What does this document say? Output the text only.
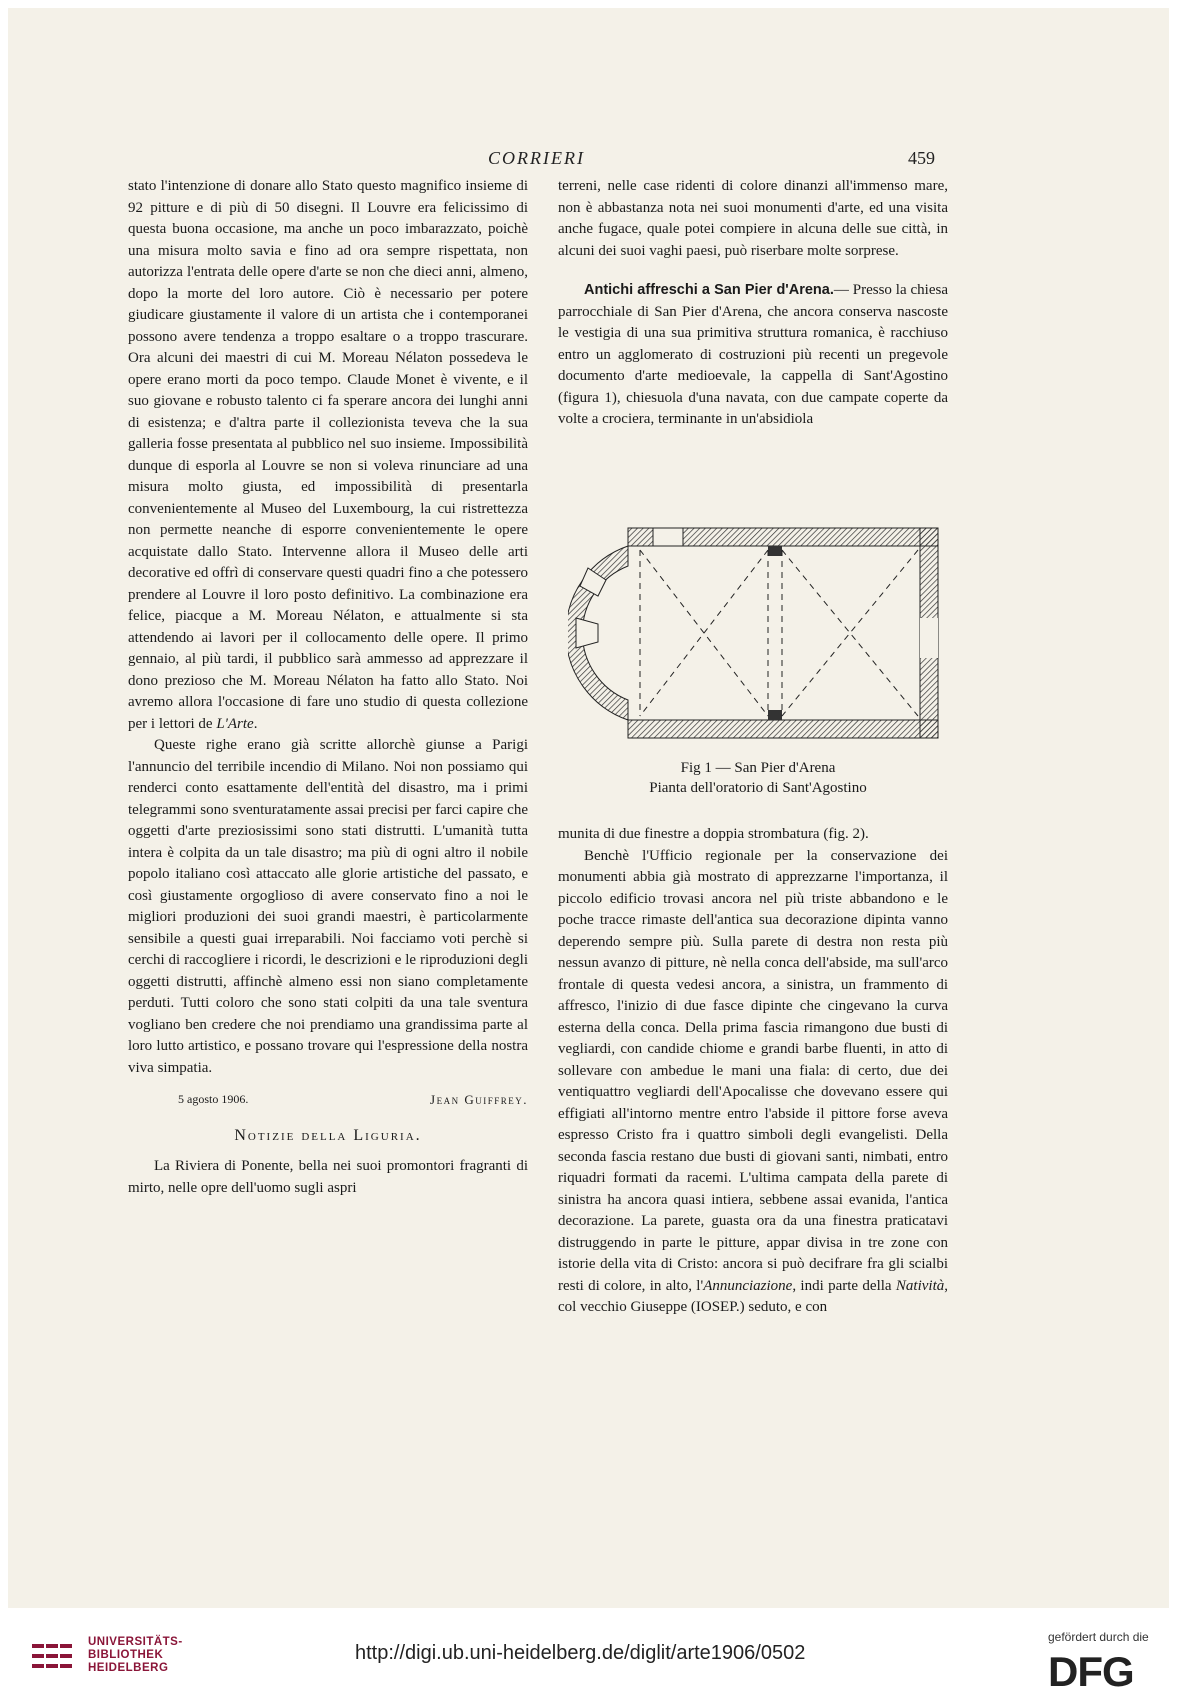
CORRIERI	459

stato l'intenzione di donare allo Stato questo magnifico insieme di 92 pitture e di più di 50 disegni. Il Louvre era felicissimo di questa buona occasione, ma anche un poco imbarazzato, poichè una misura molto savia e fino ad ora sempre rispettata, non autorizza l'entrata delle opere d'arte se non che dieci anni, almeno, dopo la morte del loro autore. Ciò è necessario per potere giudicare giustamente il valore di un artista che i contemporanei possono avere tendenza a troppo esaltare o a troppo trascurare. Ora alcuni dei maestri di cui M. Moreau Nélaton possedeva le opere erano morti da poco tempo. Claude Monet è vivente, e il suo giovane e robusto talento ci fa sperare ancora dei lunghi anni di esistenza; e d'altra parte il collezionista teveva che la sua galleria fosse presentata al pubblico nel suo insieme. Impossibilità dunque di esporla al Louvre se non si voleva rinunciare ad una misura molto giusta, ed impossibilità di presentarla convenientemente al Museo del Luxembourg, la cui ristrettezza non permette neanche di esporre convenientemente le opere acquistate dallo Stato. Intervenne allora il Museo delle arti decorative ed offrì di conservare questi quadri fino a che potessero prendere al Louvre il loro posto definitivo. La combinazione era felice, piacque a M. Moreau Nélaton, e attualmente si sta attendendo ai lavori per il collocamento delle opere. Il primo gennaio, al più tardi, il pubblico sarà ammesso ad apprezzare il dono prezioso che M. Moreau Nélaton ha fatto allo Stato. Noi avremo allora l'occasione di fare uno studio di questa collezione per i lettori de L'Arte.

Queste righe erano già scritte allorchè giunse a Parigi l'annuncio del terribile incendio di Milano. Noi non possiamo qui renderci conto esattamente dell'entità del disastro, ma i primi telegrammi sono sventuratamente assai precisi per farci capire che oggetti d'arte preziosissimi sono stati distrutti. L'umanità tutta intera è colpita da un tale disastro; ma più di ogni altro il nobile popolo italiano così attaccato alle glorie artistiche del passato, e così giustamente orgoglioso di avere conservato fino a noi le migliori produzioni dei suoi grandi maestri, è particolarmente sensibile a questi guai irreparabili. Noi facciamo voti perchè si cerchi di raccogliere i ricordi, le descrizioni e le riproduzioni degli oggetti distrutti, affinchè almeno essi non siano completamente perduti. Tutti coloro che sono stati colpiti da una tale sventura vogliano ben credere che noi prendiamo una grandissima parte al loro lutto artistico, e possano trovare qui l'espressione della nostra viva simpatia.

5 agosto 1906.	Jean Guiffrey.
Notizie della Liguria.

La Riviera di Ponente, bella nei suoi promontori fragranti di mirto, nelle opre dell'uomo sugli aspri

terreni, nelle case ridenti di colore dinanzi all'immenso mare, non è abbastanza nota nei suoi monumenti d'arte, ed una visita anche fugace, quale potei compiere in alcuna delle sue città, in alcuni dei suoi vaghi paesi, può riserbare molte sorprese.

Antichi affreschi a San Pier d'Arena.— Presso la chiesa parrocchiale di San Pier d'Arena, che ancora conserva nascoste le vestigia di una sua primitiva struttura romanica, è racchiuso entro un agglomerato di costruzioni più recenti un pregevole documento d'arte medioevale, la cappella di Sant'Agostino (figura 1), chiesuola d'una navata, con due campate coperte da volte a crociera, terminante in un'absidiola

Fig 1 — San Pier d'Arena
Pianta dell'oratorio di Sant'Agostino

munita di due finestre a doppia strombatura (fig. 2).

Benchè l'Ufficio regionale per la conservazione dei monumenti abbia già mostrato di apprezzarne l'importanza, il piccolo edificio trovasi ancora nel più triste abbandono e le poche tracce rimaste dell'antica sua decorazione dipinta vanno deperendo sempre più. Sulla parete di destra non resta più nessun avanzo di pitture, nè nella conca dell'abside, ma sull'arco frontale di questa vedesi ancora, a sinistra, un frammento di affresco, l'inizio di due fasce dipinte che cingevano la curva esterna della conca. Della prima fascia rimangono due busti di vegliardi, con candide chiome e grandi barbe fluenti, in atto di sollevare con ambedue le mani una fiala: di certo, due dei ventiquattro vegliardi dell'Apocalisse che dovevano essere qui effigiati all'intorno mentre entro l'abside il pittore forse aveva espresso Cristo fra i quattro simboli degli evangelisti. Della seconda fascia restano due busti di giovani santi, nimbati, entro riquadri formati da racemi. L'ultima campata della parete di sinistra ha ancora quasi intiera, sebbene assai evanida, l'antica decorazione. La parete, guasta ora da una finestra praticatavi distruggendo in parte le pitture, appar divisa in tre zone con istorie della vita di Cristo: ancora si può decifrare fra gli scialbi resti di colore, in alto, l'Annunciazione, indi parte della Natività, col vecchio Giuseppe (IOSEP.) seduto, e con

UNIVERSITÄTS-
BIBLIOTHEK
HEIDELBERG
http://digi.ub.uni-heidelberg.de/diglit/arte1906/0502
gefördert durch die
DFG
